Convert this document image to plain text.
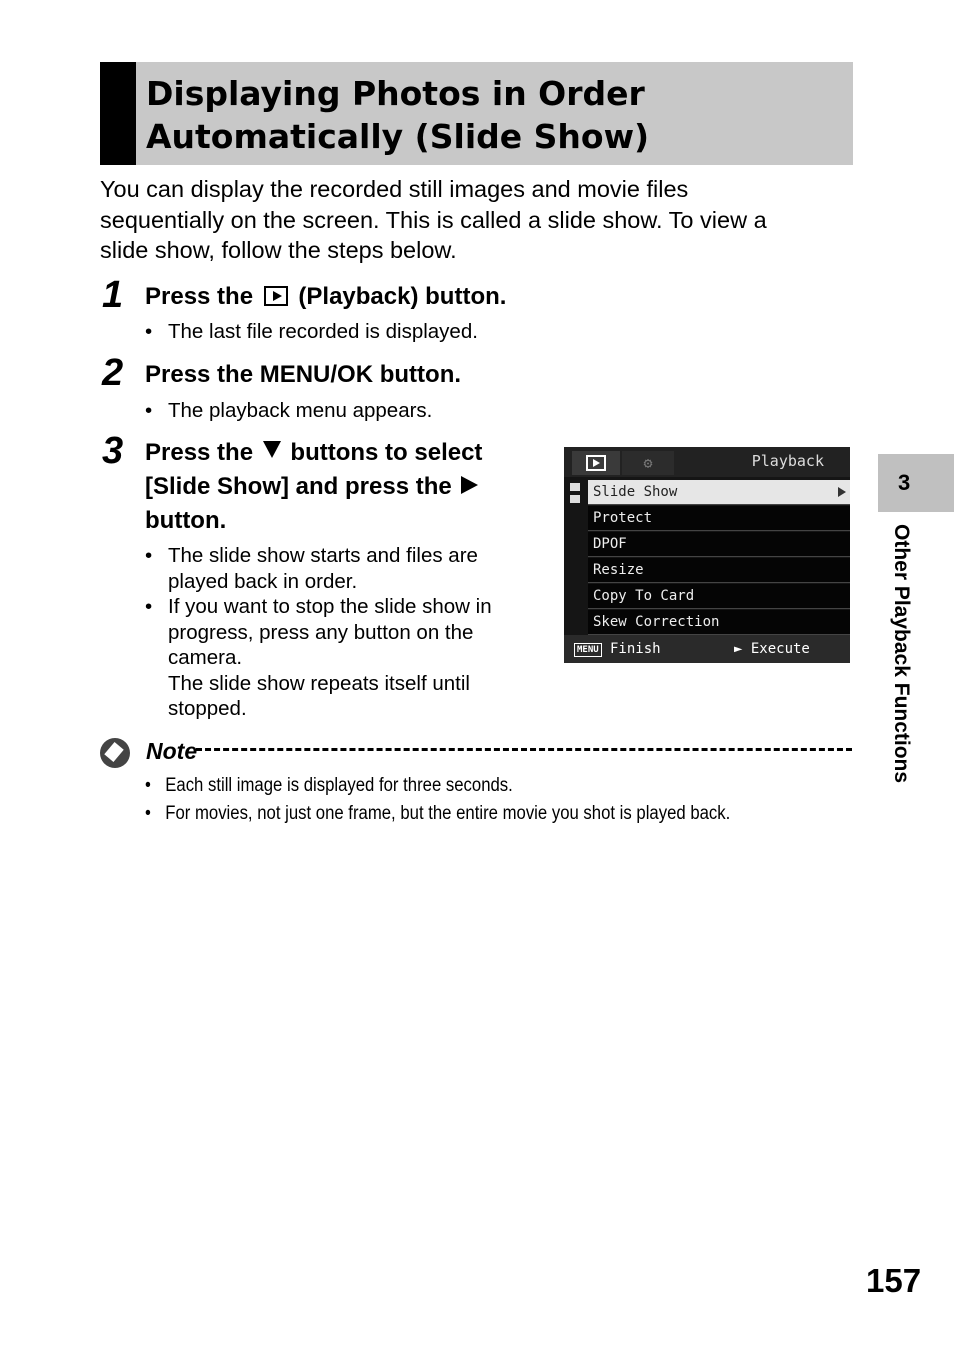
Displaying Photos in Order
Automatically (Slide Show)

You can display the recorded still images and movie files
sequentially on the screen. This is called a slide show. To view a
slide show, follow the steps below.

1 Press the (Playback) button.

• The last file recorded is displayed.
2 Press the MENU/OK button.

• The playback menu appears.
3 Press the buttons to select
[Slide Show] and press the
button.

• The slide show starts and files are
played back in order.
• If you want to stop the slide show in
progress, press any button on the
camera.
The slide show repeats itself until
stopped.
⚙	Playback
Slide Show
Protect
DPOF
Resize
Copy To Card
Skew Correction
MENU Finish	► Execute
Note
• Each still image is displayed for three seconds.
• For movies, not just one frame, but the entire movie you shot is played back.
3
Other Playback Functions
157
